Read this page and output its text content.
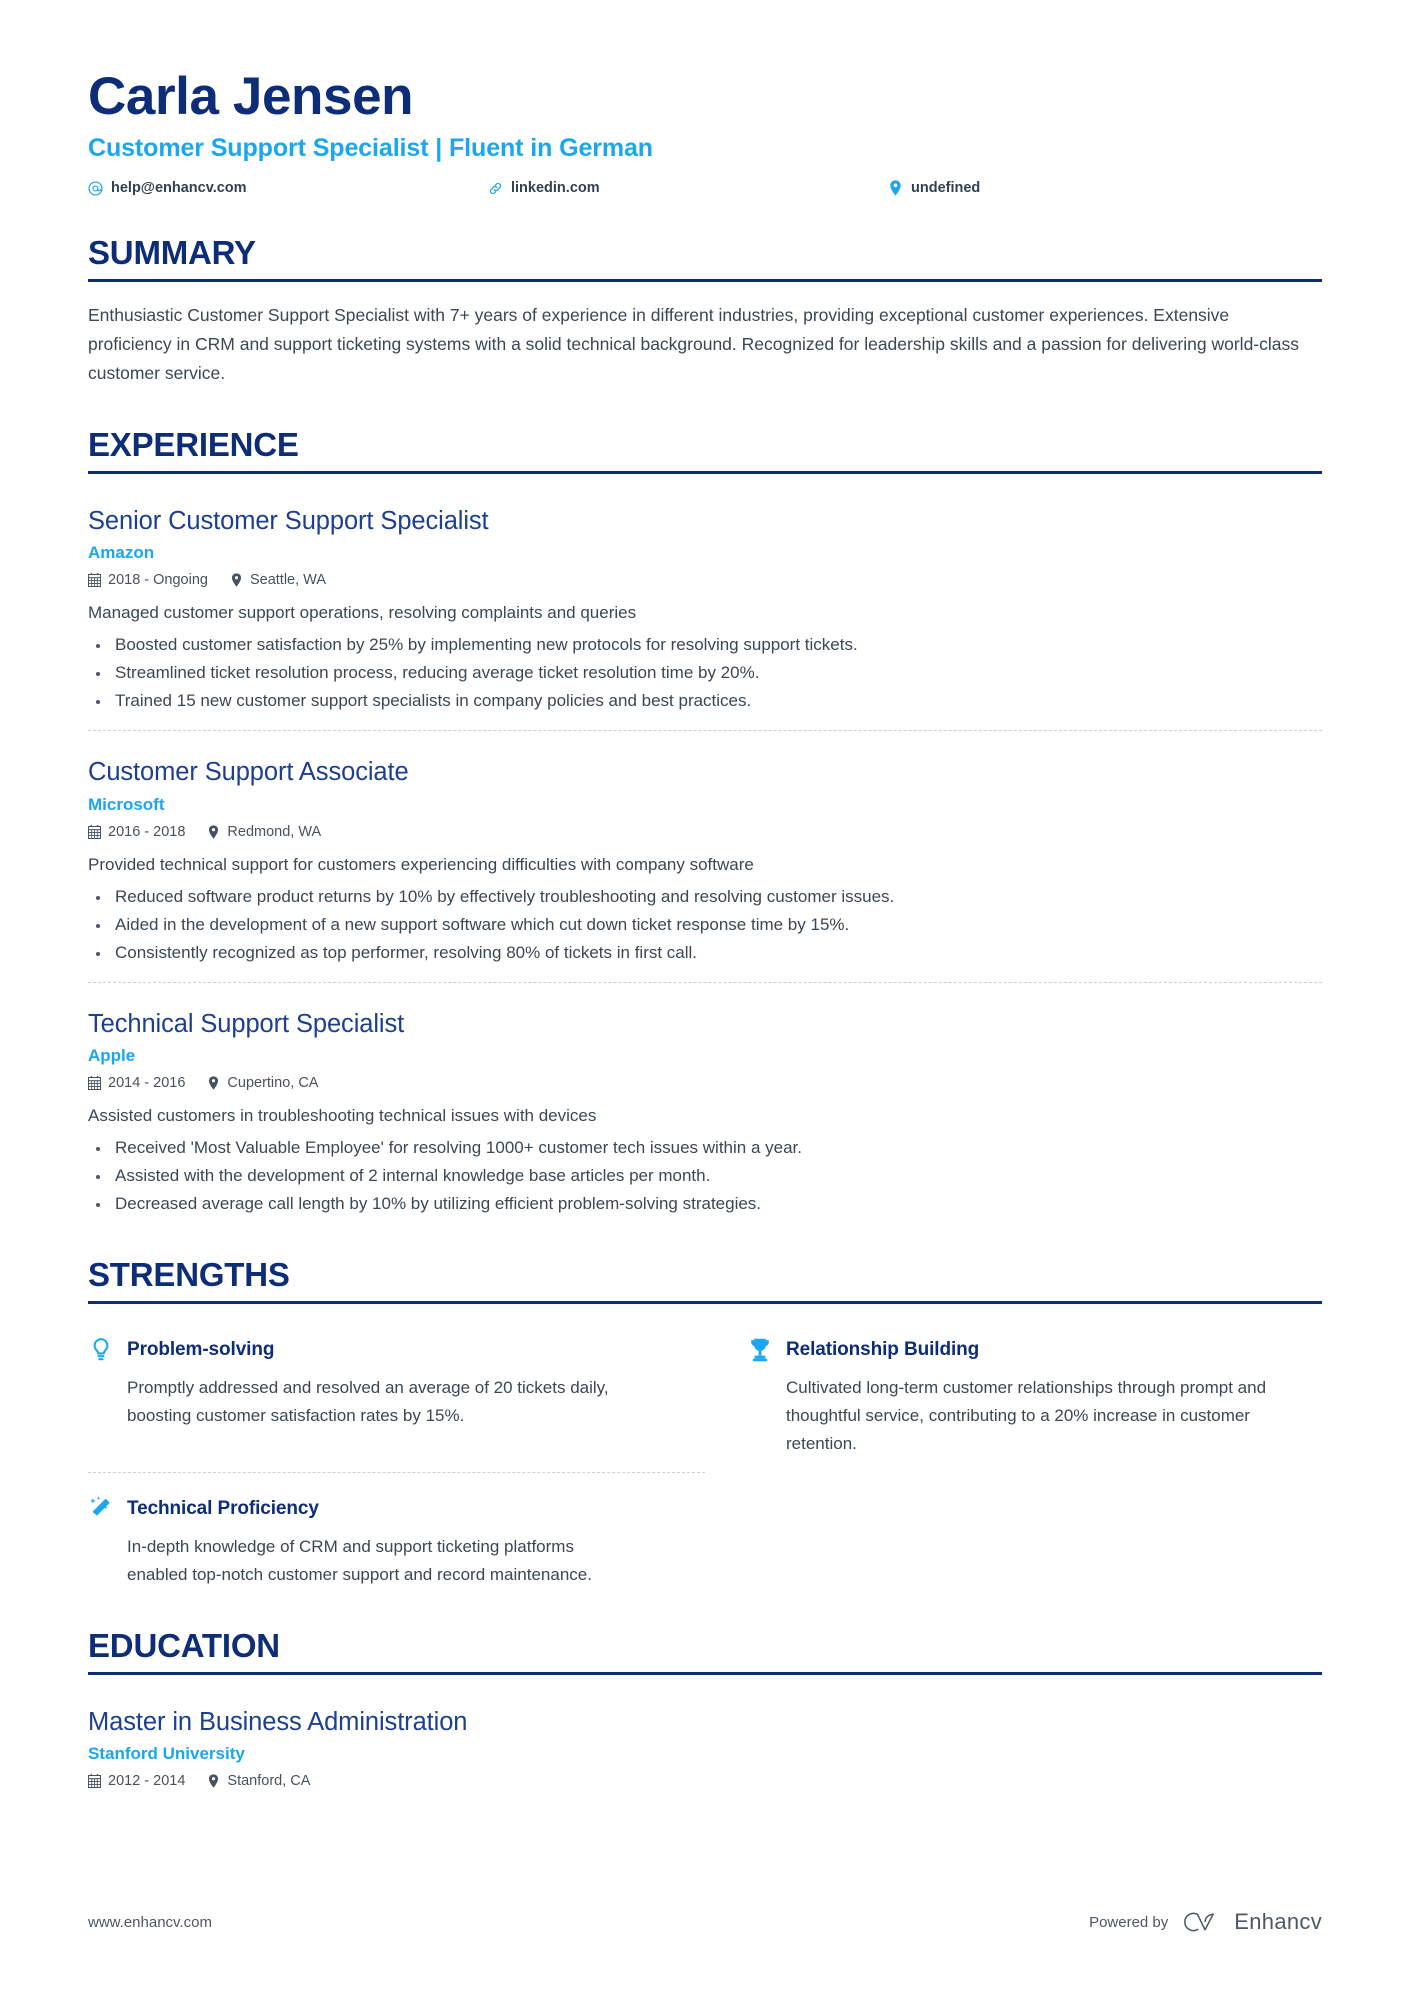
Carla Jensen
Customer Support Specialist | Fluent in German
help@enhancv.com	linkedin.com	undefined
SUMMARY
Enthusiastic Customer Support Specialist with 7+ years of experience in different industries, providing exceptional customer experiences. Extensive proficiency in CRM and support ticketing systems with a solid technical background. Recognized for leadership skills and a passion for delivering world-class customer service.
EXPERIENCE
Senior Customer Support Specialist
Amazon
2018 - Ongoing	Seattle, WA
Managed customer support operations, resolving complaints and queries
Boosted customer satisfaction by 25% by implementing new protocols for resolving support tickets.
Streamlined ticket resolution process, reducing average ticket resolution time by 20%.
Trained 15 new customer support specialists in company policies and best practices.
Customer Support Associate
Microsoft
2016 - 2018	Redmond, WA
Provided technical support for customers experiencing difficulties with company software
Reduced software product returns by 10% by effectively troubleshooting and resolving customer issues.
Aided in the development of a new support software which cut down ticket response time by 15%.
Consistently recognized as top performer, resolving 80% of tickets in first call.
Technical Support Specialist
Apple
2014 - 2016	Cupertino, CA
Assisted customers in troubleshooting technical issues with devices
Received 'Most Valuable Employee' for resolving 1000+ customer tech issues within a year.
Assisted with the development of 2 internal knowledge base articles per month.
Decreased average call length by 10% by utilizing efficient problem-solving strategies.
STRENGTHS
Problem-solving
Promptly addressed and resolved an average of 20 tickets daily, boosting customer satisfaction rates by 15%.
Relationship Building
Cultivated long-term customer relationships through prompt and thoughtful service, contributing to a 20% increase in customer retention.
Technical Proficiency
In-depth knowledge of CRM and support ticketing platforms enabled top-notch customer support and record maintenance.
EDUCATION
Master in Business Administration
Stanford University
2012 - 2014	Stanford, CA
www.enhancv.com	Powered by	Enhancv
